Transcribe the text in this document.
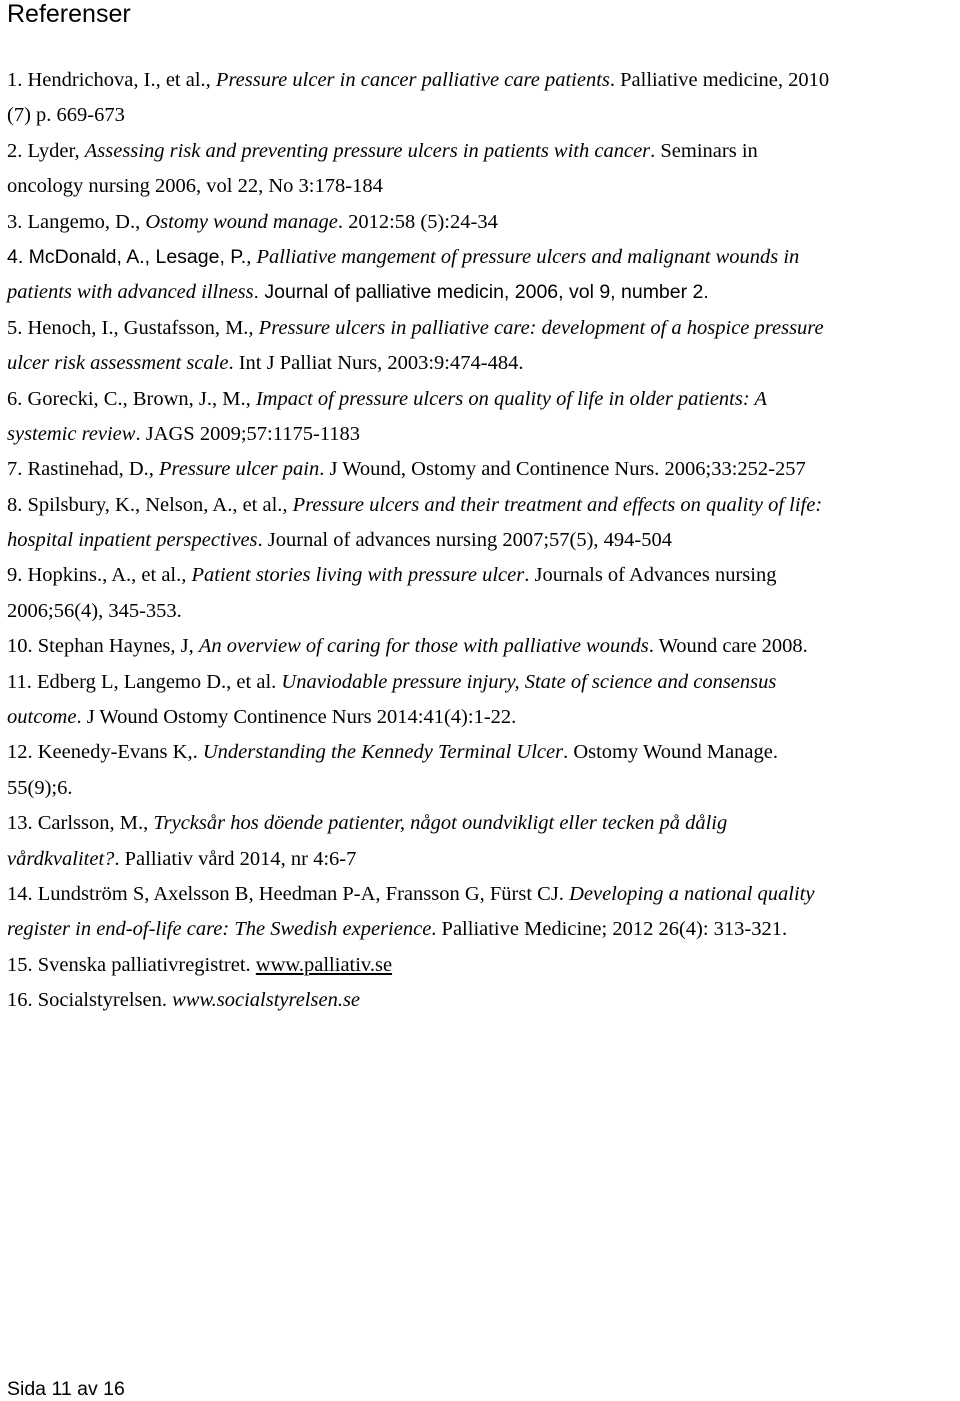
Referenser
1. Hendrichova, I., et al., Pressure ulcer in cancer palliative care patients. Palliative medicine, 2010
(7) p. 669-673
2. Lyder, Assessing risk and preventing pressure ulcers in patients with cancer. Seminars in
oncology nursing 2006, vol 22, No 3:178-184
3. Langemo, D., Ostomy wound manage. 2012:58 (5):24-34
4. McDonald, A., Lesage, P., Palliative mangement of pressure ulcers and malignant wounds in
patients with advanced illness. Journal of palliative medicin, 2006, vol 9, number 2.
5. Henoch, I., Gustafsson, M., Pressure ulcers in palliative care: development of a hospice pressure
ulcer risk assessment scale. Int J Palliat Nurs, 2003:9:474-484.
6. Gorecki, C., Brown, J., M., Impact of pressure ulcers on quality of life in older patients: A
systemic review. JAGS 2009;57:1175-1183
7. Rastinehad, D., Pressure ulcer pain. J Wound, Ostomy and Continence Nurs. 2006;33:252-257
8. Spilsbury, K., Nelson, A., et al., Pressure ulcers and their treatment and effects on quality of life:
hospital inpatient perspectives. Journal of advances nursing 2007;57(5), 494-504
9. Hopkins., A., et al., Patient stories living with pressure ulcer. Journals of Advances nursing
2006;56(4), 345-353.
10. Stephan Haynes, J, An overview of caring for those with palliative wounds. Wound care 2008.
11. Edberg L, Langemo D., et al. Unaviodable pressure injury, State of science and consensus
outcome. J Wound Ostomy Continence Nurs 2014:41(4):1-22.
12. Keenedy-Evans K,. Understanding the Kennedy Terminal Ulcer. Ostomy Wound Manage.
55(9);6.
13. Carlsson, M., Trycksår hos döende patienter, något oundvikligt eller tecken på dålig
vårdkvalitet?. Palliativ vård 2014, nr 4:6-7
14. Lundström S, Axelsson B, Heedman P-A, Fransson G, Fürst CJ. Developing a national quality
register in end-of-life care: The Swedish experience. Palliative Medicine; 2012 26(4): 313-321.
15. Svenska palliativregistret. www.palliativ.se
16. Socialstyrelsen. www.socialstyrelsen.se
Sida 11 av 16
